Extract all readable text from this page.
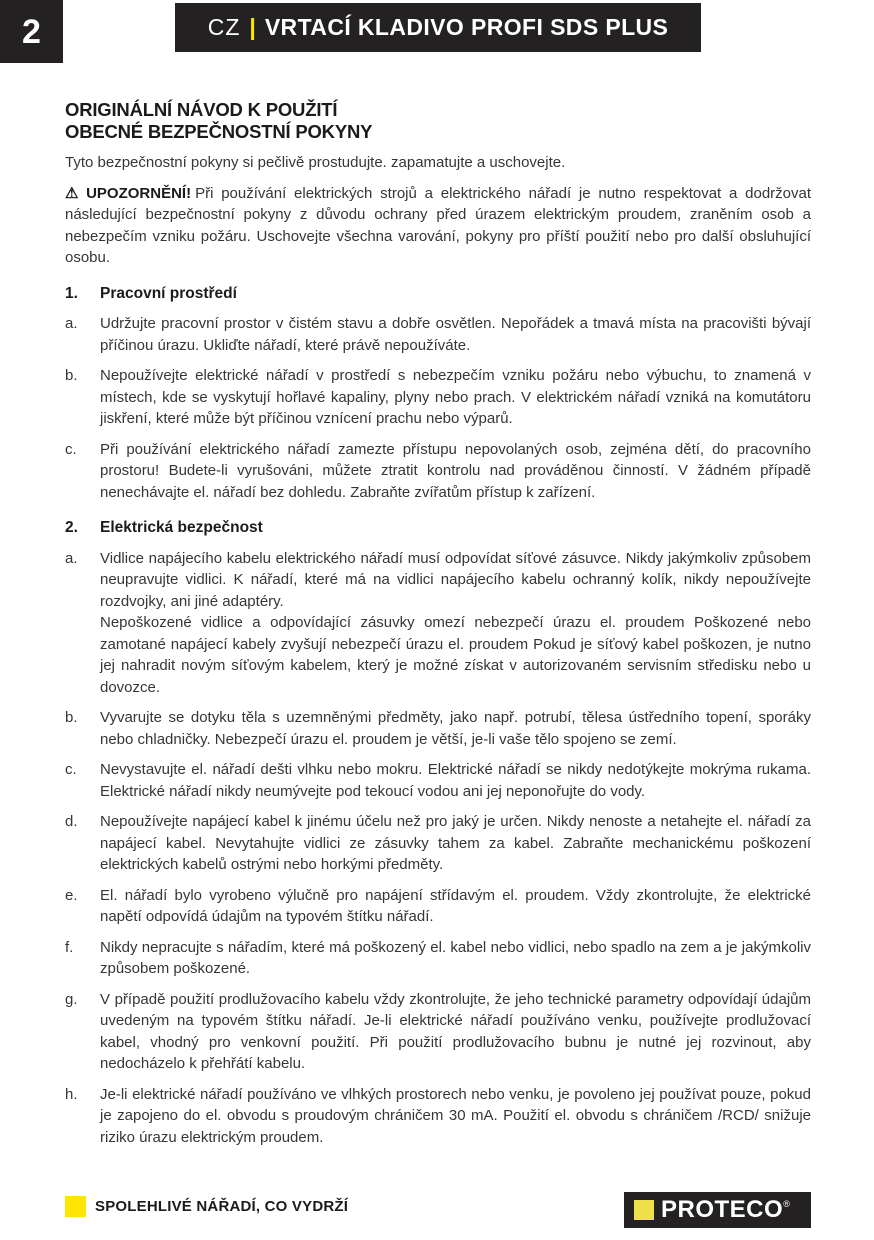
2	CZ | VRTACÍ KLADIVO PROFI SDS PLUS
ORIGINÁLNÍ NÁVOD K POUŽITÍ
OBECNÉ BEZPEČNOSTNÍ POKYNY

Tyto bezpečnostní pokyny si pečlivě prostudujte. zapamatujte a uschovejte.

⚠ UPOZORNĚNÍ! Při používání elektrických strojů a elektrického nářadí je nutno respektovat a dodržovat následující bezpečnostní pokyny z důvodu ochrany před úrazem elektrickým proudem, zraněním osob a nebezpečím vzniku požáru. Uschovejte všechna varování, pokyny pro příští použití nebo pro další obsluhující osobu.

1.	Pracovní prostředí
a.	Udržujte pracovní prostor v čistém stavu a dobře osvětlen. Nepořádek a tmavá místa na pracovišti bývají příčinou úrazu. Ukliďte nářadí, které právě nepoužíváte.
b.	Nepoužívejte elektrické nářadí v prostředí s nebezpečím vzniku požáru nebo výbuchu, to znamená v místech, kde se vyskytují hořlavé kapaliny, plyny nebo prach. V elektrickém nářadí vzniká na komutátoru jiskření, které může být příčinou vznícení prachu nebo výparů.
c.	Při používání elektrického nářadí zamezte přístupu nepovolaných osob, zejména dětí, do pracovního prostoru! Budete-li vyrušováni, můžete ztratit kontrolu nad prováděnou činností. V žádném případě nenechávajte el. nářadí bez dohledu. Zabraňte zvířatům přístup k zařízení.
2.	Elektrická bezpečnost
a.	Vidlice napájecího kabelu elektrického nářadí musí odpovídat síťové zásuvce. Nikdy jakýmkoliv způsobem neupravujte vidlici. K nářadí, které má na vidlici napájecího kabelu ochranný kolík, nikdy nepoužívejte rozdvojky, ani jiné adaptéry.
Nepoškozené vidlice a odpovídající zásuvky omezí nebezpečí úrazu el. proudem Poškozené nebo zamotané napájecí kabely zvyšují nebezpečí úrazu el. proudem Pokud je síťový kabel poškozen, je nutno jej nahradit novým síťovým kabelem, který je možné získat v autorizovaném servisním středisku nebo u dovozce.
b.	Vyvarujte se dotyku těla s uzemněnými předměty, jako např. potrubí, tělesa ústředního topení, sporáky nebo chladničky. Nebezpečí úrazu el. proudem je větší, je-li vaše tělo spojeno se zemí.
c.	Nevystavujte el. nářadí dešti vlhku nebo mokru. Elektrické nářadí se nikdy nedotýkejte mokrýma rukama. Elektrické nářadí nikdy neumývejte pod tekoucí vodou ani jej neponořujte do vody.
d.	Nepoužívejte napájecí kabel k jinému účelu než pro jaký je určen. Nikdy nenoste a netahejte el. nářadí za napájecí kabel. Nevytahujte vidlici ze zásuvky tahem za kabel. Zabraňte mechanickému poškození elektrických kabelů ostrými nebo horkými předměty.
e.	El. nářadí bylo vyrobeno výlučně pro napájení střídavým el. proudem. Vždy zkontrolujte, že elektrické napětí odpovídá údajům na typovém štítku nářadí.
f.	Nikdy nepracujte s nářadím, které má poškozený el. kabel nebo vidlici, nebo spadlo na zem a je jakýmkoliv způsobem poškozené.
g.	V případě použití prodlužovacího kabelu vždy zkontrolujte, že jeho technické parametry odpovídají údajům uvedeným na typovém štítku nářadí. Je-li elektrické nářadí používáno venku, používejte prodlužovací kabel, vhodný pro venkovní použití. Při použití prodlužovacího bubnu je nutné jej rozvinout, aby nedocházelo k přehřátí kabelu.
h.	Je-li elektrické nářadí používáno ve vlhkých prostorech nebo venku, je povoleno jej používat pouze, pokud je zapojeno do el. obvodu s proudovým chráničem 30 mA. Použití el. obvodu s chráničem /RCD/ snižuje riziko úrazu elektrickým proudem.
SPOLEHLIVÉ NÁŘADÍ, CO VYDRŽÍ	PROTECO®
